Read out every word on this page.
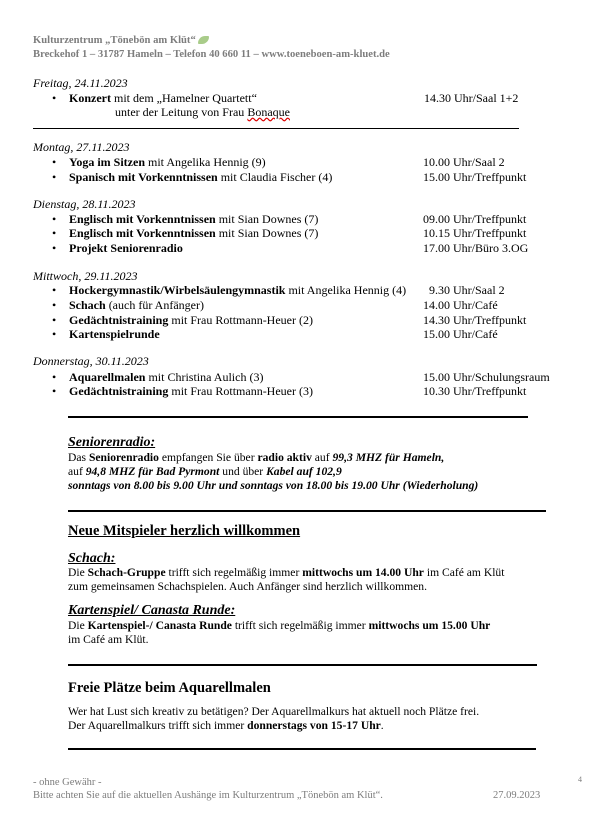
Kulturzentrum „Tönebön am Klüt“
Breckehof 1 – 31787 Hameln – Telefon 40 660 11 – www.toeneboen-am-kluet.de
Freitag, 24.11.2023
• Konzert mit dem „Hamelner Quartett“	14.30 Uhr/Saal 1+2
unter der Leitung von Frau Bonaque
Montag, 27.11.2023
• Yoga im Sitzen mit Angelika Hennig (9)	10.00 Uhr/Saal 2
• Spanisch mit Vorkenntnissen mit Claudia Fischer (4)	15.00 Uhr/Treffpunkt
Dienstag, 28.11.2023
• Englisch mit Vorkenntnissen mit Sian Downes (7)	09.00 Uhr/Treffpunkt
• Englisch mit Vorkenntnissen mit Sian Downes (7)	10.15 Uhr/Treffpunkt
• Projekt Seniorenradio	17.00 Uhr/Büro 3.OG
Mittwoch, 29.11.2023
• Hockergymnastik/Wirbelsäulengymnastik mit Angelika Hennig (4) 9.30 Uhr/Saal 2
• Schach (auch für Anfänger)	14.00 Uhr/Café
• Gedächtnistraining mit Frau Rottmann-Heuer (2)	14.30 Uhr/Treffpunkt
• Kartenspielrunde	15.00 Uhr/Café
Donnerstag, 30.11.2023
• Aquarellmalen mit Christina Aulich (3)	15.00 Uhr/Schulungsraum
• Gedächtnistraining mit Frau Rottmann-Heuer (3)	10.30 Uhr/Treffpunkt
Seniorenradio:
Das Seniorenradio empfangen Sie über radio aktiv auf 99,3 MHZ für Hameln,
auf 94,8 MHZ für Bad Pyrmont und über Kabel auf 102,9
sonntags von 8.00 bis 9.00 Uhr und sonntags von 18.00 bis 19.00 Uhr (Wiederholung)
Neue Mitspieler herzlich willkommen
Schach:
Die Schach-Gruppe trifft sich regelmäßig immer mittwochs um 14.00 Uhr im Café am Klüt
zum gemeinsamen Schachspielen. Auch Anfänger sind herzlich willkommen.
Kartenspiel/ Canasta Runde:
Die Kartenspiel-/ Canasta Runde trifft sich regelmäßig immer mittwochs um 15.00 Uhr
im Café am Klüt.
Freie Plätze beim Aquarellmalen
Wer hat Lust sich kreativ zu betätigen? Der Aquarellmalkurs hat aktuell noch Plätze frei.
Der Aquarellmalkurs trifft sich immer donnerstags von 15-17 Uhr.
- ohne Gewähr -
Bitte achten Sie auf die aktuellen Aushänge im Kulturzentrum „Tönebön am Klüt“.	27.09.2023
4
